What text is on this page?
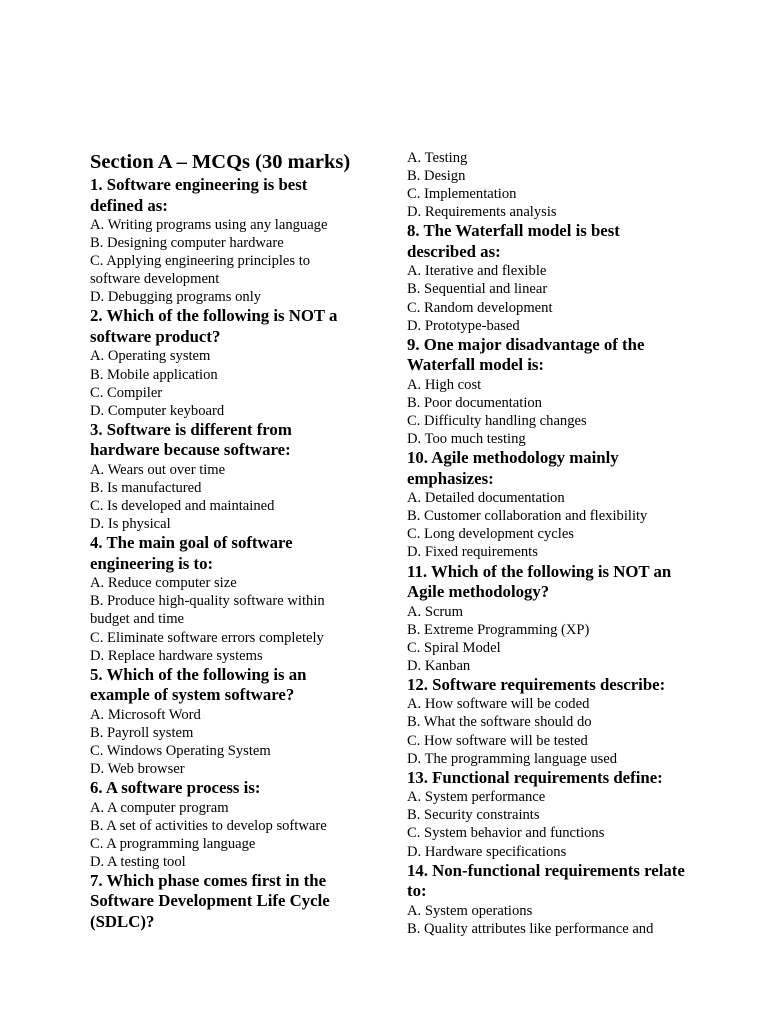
Section A – MCQs (30 marks)
1. Software engineering is best defined as:
A. Writing programs using any language
B. Designing computer hardware
C. Applying engineering principles to software development
D. Debugging programs only
2. Which of the following is NOT a software product?
A. Operating system
B. Mobile application
C. Compiler
D. Computer keyboard
3. Software is different from hardware because software:
A. Wears out over time
B. Is manufactured
C. Is developed and maintained
D. Is physical
4. The main goal of software engineering is to:
A. Reduce computer size
B. Produce high-quality software within budget and time
C. Eliminate software errors completely
D. Replace hardware systems
5. Which of the following is an example of system software?
A. Microsoft Word
B. Payroll system
C. Windows Operating System
D. Web browser
6. A software process is:
A. A computer program
B. A set of activities to develop software
C. A programming language
D. A testing tool
7. Which phase comes first in the Software Development Life Cycle (SDLC)?
A. Testing
B. Design
C. Implementation
D. Requirements analysis
8. The Waterfall model is best described as:
A. Iterative and flexible
B. Sequential and linear
C. Random development
D. Prototype-based
9. One major disadvantage of the Waterfall model is:
A. High cost
B. Poor documentation
C. Difficulty handling changes
D. Too much testing
10. Agile methodology mainly emphasizes:
A. Detailed documentation
B. Customer collaboration and flexibility
C. Long development cycles
D. Fixed requirements
11. Which of the following is NOT an Agile methodology?
A. Scrum
B. Extreme Programming (XP)
C. Spiral Model
D. Kanban
12. Software requirements describe:
A. How software will be coded
B. What the software should do
C. How software will be tested
D. The programming language used
13. Functional requirements define:
A. System performance
B. Security constraints
C. System behavior and functions
D. Hardware specifications
14. Non-functional requirements relate to:
A. System operations
B. Quality attributes like performance and
